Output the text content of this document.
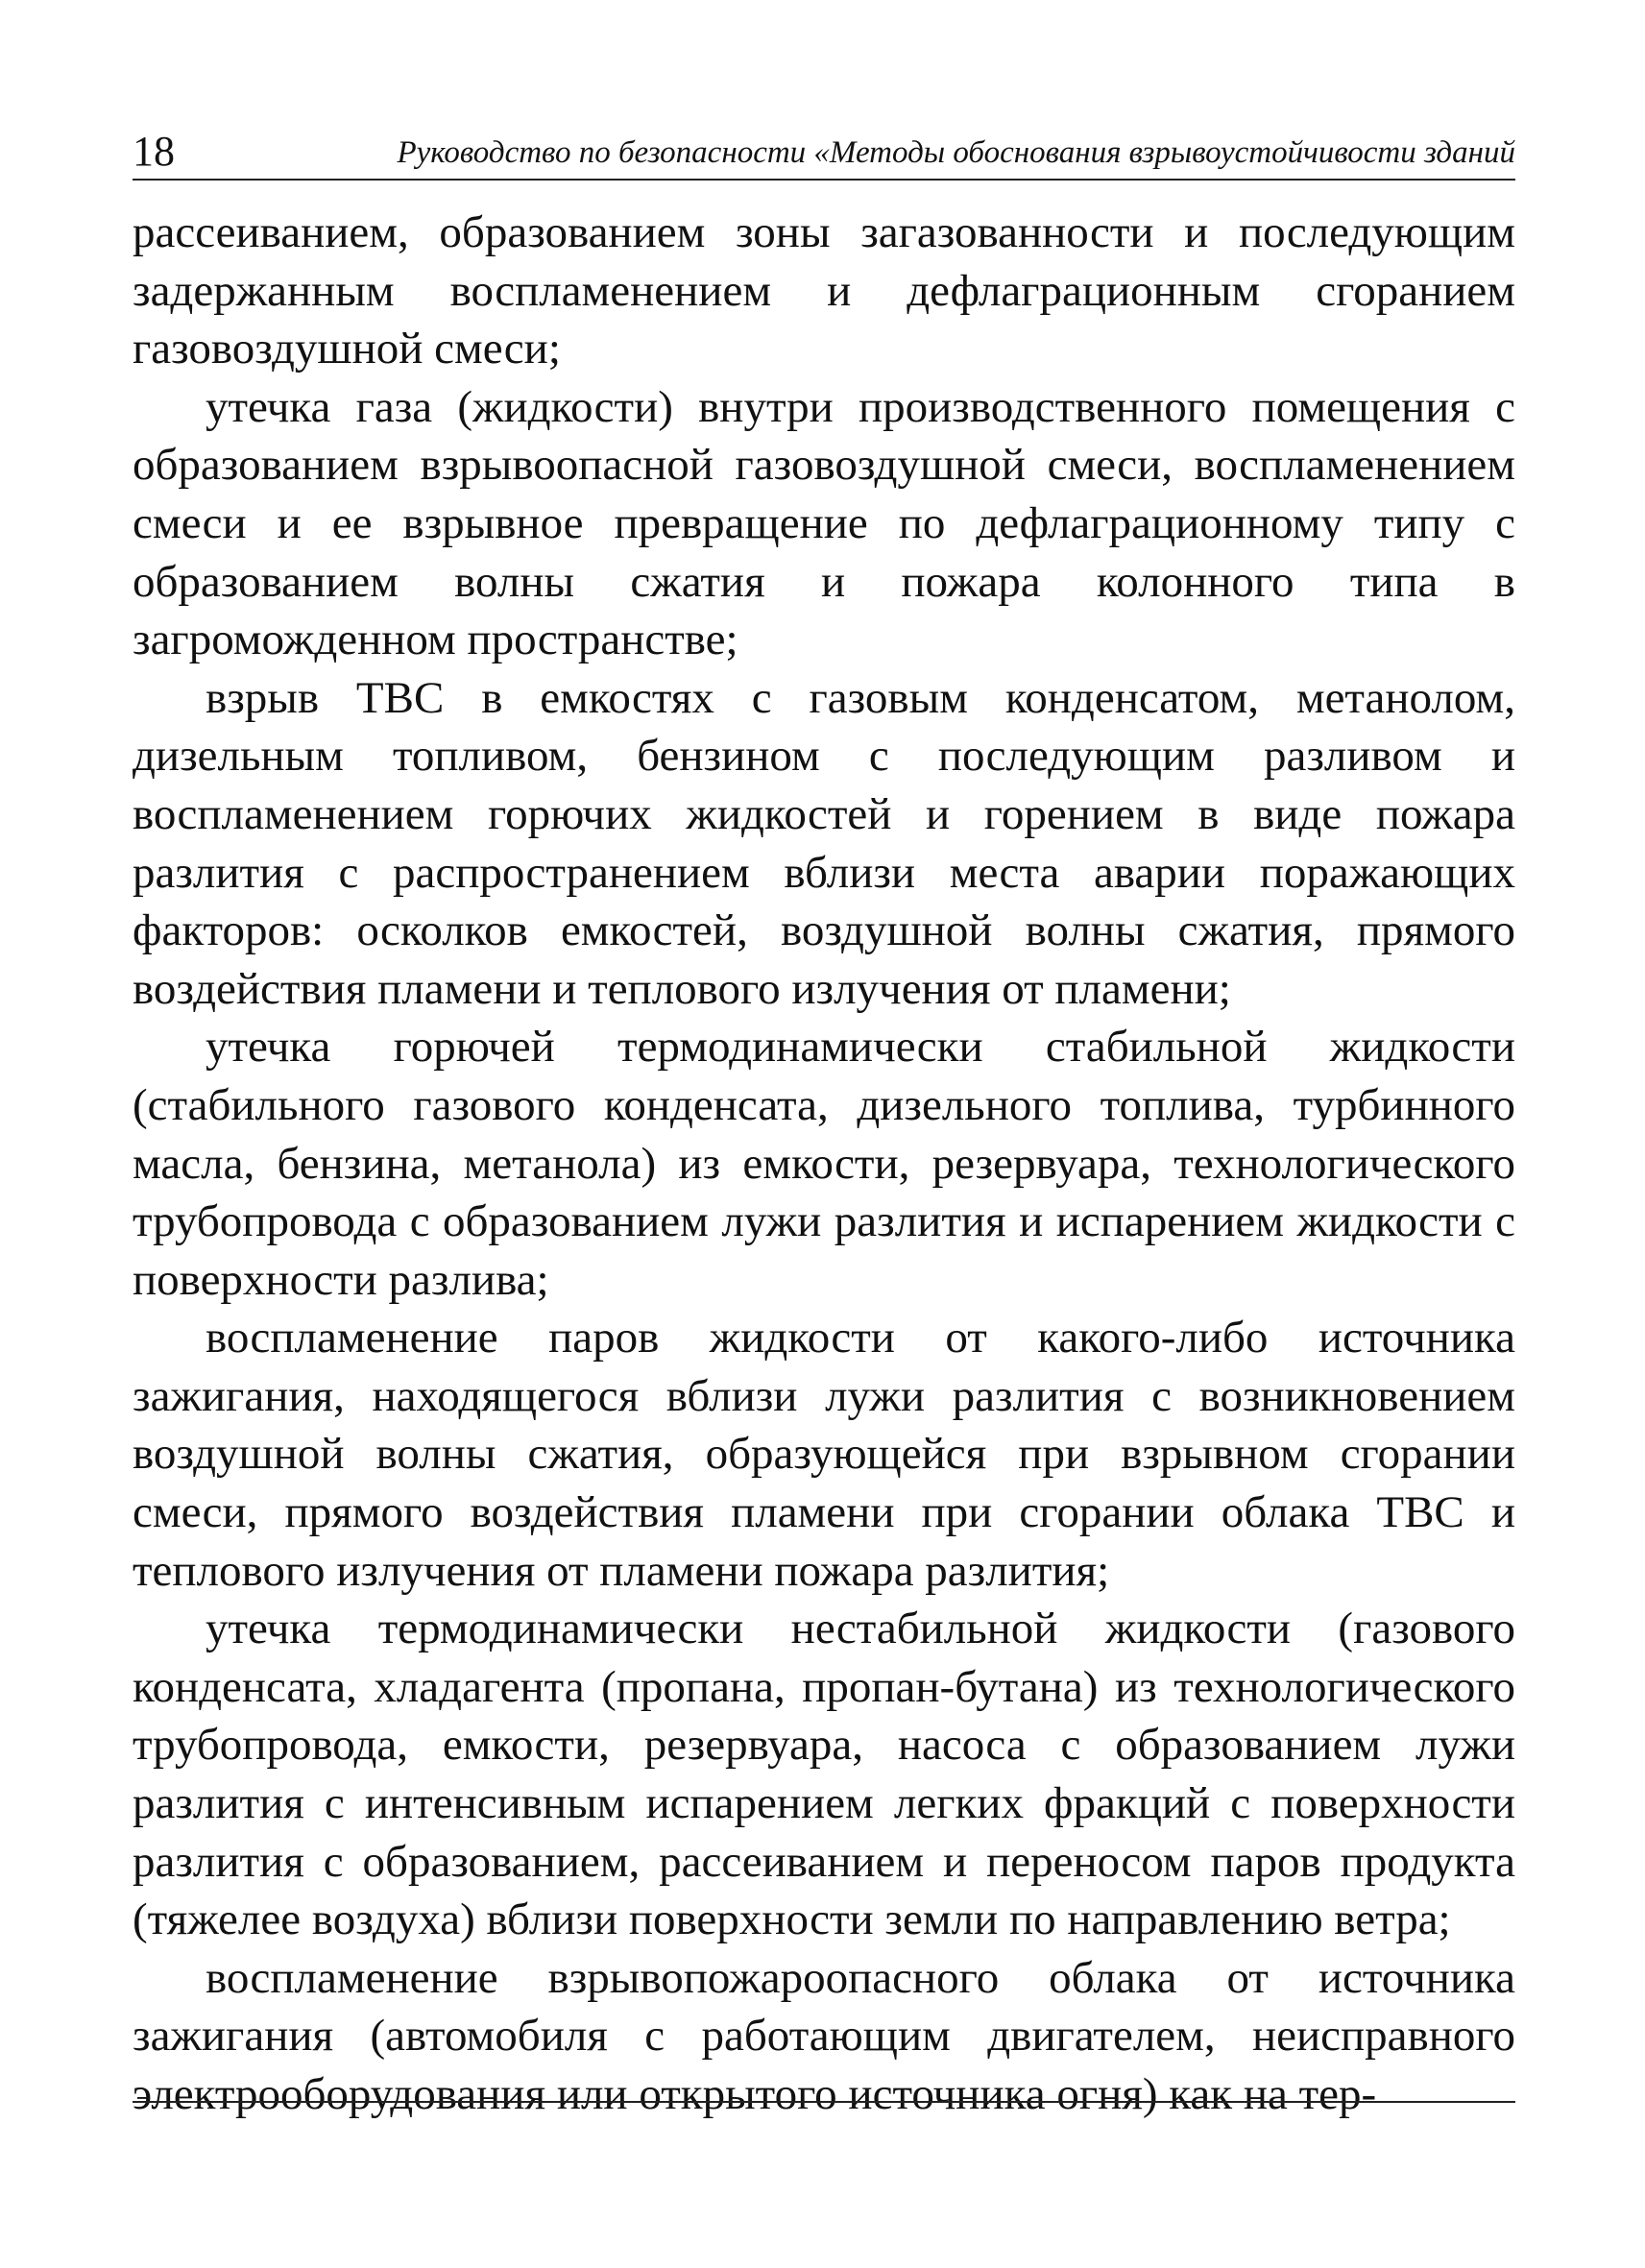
18	Руководство по безопасности «Методы обоснования взрывоустойчивости зданий

рассеиванием, образованием зоны загазованности и последующим задержанным воспламенением и дефлаграционным сгоранием газовоздушной смеси;

утечка газа (жидкости) внутри производственного помещения с образованием взрывоопасной газовоздушной смеси, воспламенением смеси и ее взрывное превращение по дефлаграционному типу с образованием волны сжатия и пожара колонного типа в загроможденном пространстве;

взрыв ТВС в емкостях с газовым конденсатом, метанолом, дизельным топливом, бензином с последующим разливом и воспламенением горючих жидкостей и горением в виде пожара разлития с распространением вблизи места аварии поражающих факторов: осколков емкостей, воздушной волны сжатия, прямого воздействия пламени и теплового излучения от пламени;

утечка горючей термодинамически стабильной жидкости (стабильного газового конденсата, дизельного топлива, турбинного масла, бензина, метанола) из емкости, резервуара, технологического трубопровода с образованием лужи разлития и испарением жидкости с поверхности разлива;

воспламенение паров жидкости от какого-либо источника зажигания, находящегося вблизи лужи разлития с возникновением воздушной волны сжатия, образующейся при взрывном сгорании смеси, прямого воздействия пламени при сгорании облака ТВС и теплового излучения от пламени пожара разлития;

утечка термодинамически нестабильной жидкости (газового конденсата, хладагента (пропана, пропан-бутана) из технологического трубопровода, емкости, резервуара, насоса с образованием лужи разлития с интенсивным испарением легких фракций с поверхности разлития с образованием, рассеиванием и переносом паров продукта (тяжелее воздуха) вблизи поверхности земли по направлению ветра;

воспламенение взрывопожароопасного облака от источника зажигания (автомобиля с работающим двигателем, неисправного электрооборудования или открытого источника огня) как на тер-
